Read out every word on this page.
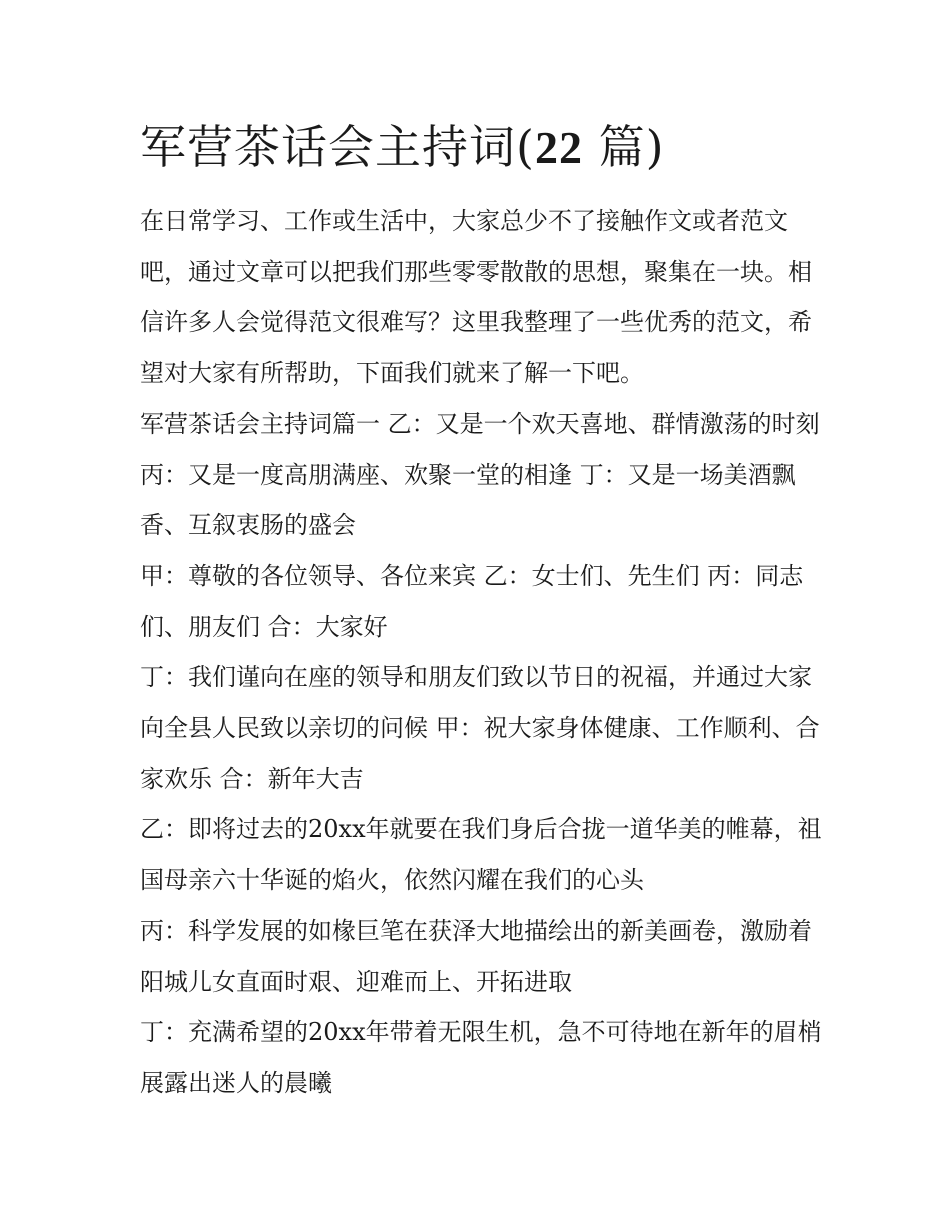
军营茶话会主持词(22 篇)

在日常学习、工作或生活中，大家总少不了接触作文或者范文吧，通过文章可以把我们那些零零散散的思想，聚集在一块。相信许多人会觉得范文很难写？这里我整理了一些优秀的范文，希望对大家有所帮助，下面我们就来了解一下吧。

军营茶话会主持词篇一 乙：又是一个欢天喜地、群情激荡的时刻 丙：又是一度高朋满座、欢聚一堂的相逢 丁：又是一场美酒飘香、互叙衷肠的盛会

甲：尊敬的各位领导、各位来宾 乙：女士们、先生们 丙：同志们、朋友们 合：大家好

丁：我们谨向在座的领导和朋友们致以节日的祝福，并通过大家向全县人民致以亲切的问候 甲：祝大家身体健康、工作顺利、合家欢乐 合：新年大吉

乙：即将过去的20xx年就要在我们身后合拢一道华美的帷幕，祖国母亲六十华诞的焰火，依然闪耀在我们的心头

丙：科学发展的如椽巨笔在获泽大地描绘出的新美画卷，激励着阳城儿女直面时艰、迎难而上、开拓进取

丁：充满希望的20xx年带着无限生机，急不可待地在新年的眉梢展露出迷人的晨曦
